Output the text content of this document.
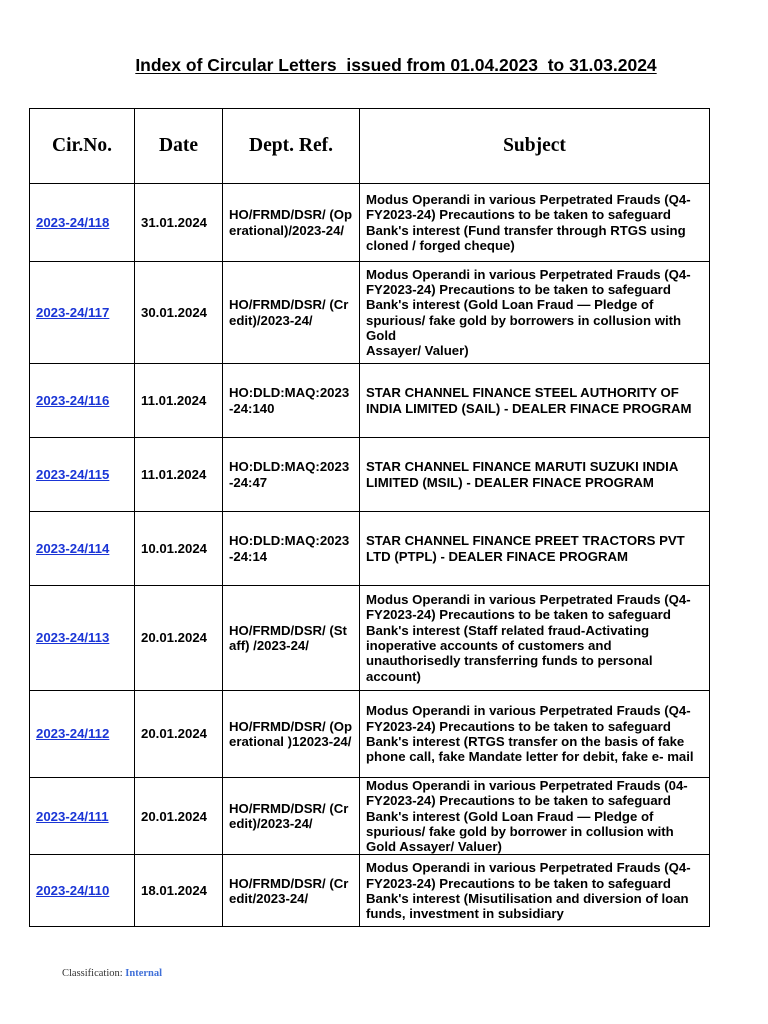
Index of Circular Letters  issued from 01.04.2023  to 31.03.2024
Cir.No.	Date	Dept. Ref.	Subject
2023-24/118	31.01.2024	HO/FRMD/DSR/ (Operational)/2023-24/	Modus Operandi in various Perpetrated Frauds (Q4-FY2023-24) Precautions to be taken to safeguard Bank's interest (Fund transfer through RTGS using cloned / forged cheque)
2023-24/117	30.01.2024	HO/FRMD/DSR/ (Credit)/2023-24/	Modus Operandi in various Perpetrated Frauds (Q4-FY2023-24) Precautions to be taken to safeguard Bank's interest (Gold Loan Fraud — Pledge of spurious/ fake gold by borrowers in collusion with Gold
Assayer/ Valuer)
2023-24/116	11.01.2024	HO:DLD:MAQ:2023-24:140	STAR CHANNEL FINANCE STEEL AUTHORITY OF INDIA LIMITED (SAIL) - DEALER FINACE PROGRAM
2023-24/115	11.01.2024	HO:DLD:MAQ:2023-24:47	STAR CHANNEL FINANCE MARUTI SUZUKI INDIA LIMITED (MSIL) - DEALER FINACE PROGRAM
2023-24/114	10.01.2024	HO:DLD:MAQ:2023-24:14	STAR CHANNEL FINANCE PREET TRACTORS PVT LTD (PTPL) - DEALER FINACE PROGRAM
2023-24/113	20.01.2024	HO/FRMD/DSR/ (Staff) /2023-24/	Modus Operandi in various Perpetrated Frauds (Q4-FY2023-24) Precautions to be taken to safeguard Bank's interest (Staff related fraud-Activating inoperative accounts of customers and unauthorisedly transferring funds to personal account)
2023-24/112	20.01.2024	HO/FRMD/DSR/ (Operational )12023-24/	Modus Operandi in various Perpetrated Frauds (Q4-FY2023-24) Precautions to be taken to safeguard Bank's interest (RTGS transfer on the basis of fake phone call, fake Mandate letter for debit, fake e- mail
2023-24/111	20.01.2024	HO/FRMD/DSR/ (Credit)/2023-24/	Modus Operandi in various Perpetrated Frauds (04-FY2023-24) Precautions to be taken to safeguard Bank's interest (Gold Loan Fraud — Pledge of spurious/ fake gold by borrower in collusion with Gold Assayer/ Valuer)
2023-24/110	18.01.2024	HO/FRMD/DSR/ (Credit/2023-24/	Modus Operandi in various Perpetrated Frauds (Q4-FY2023-24) Precautions to be taken to safeguard Bank's interest (Misutilisation and diversion of loan funds, investment in subsidiary
Classification: Internal
